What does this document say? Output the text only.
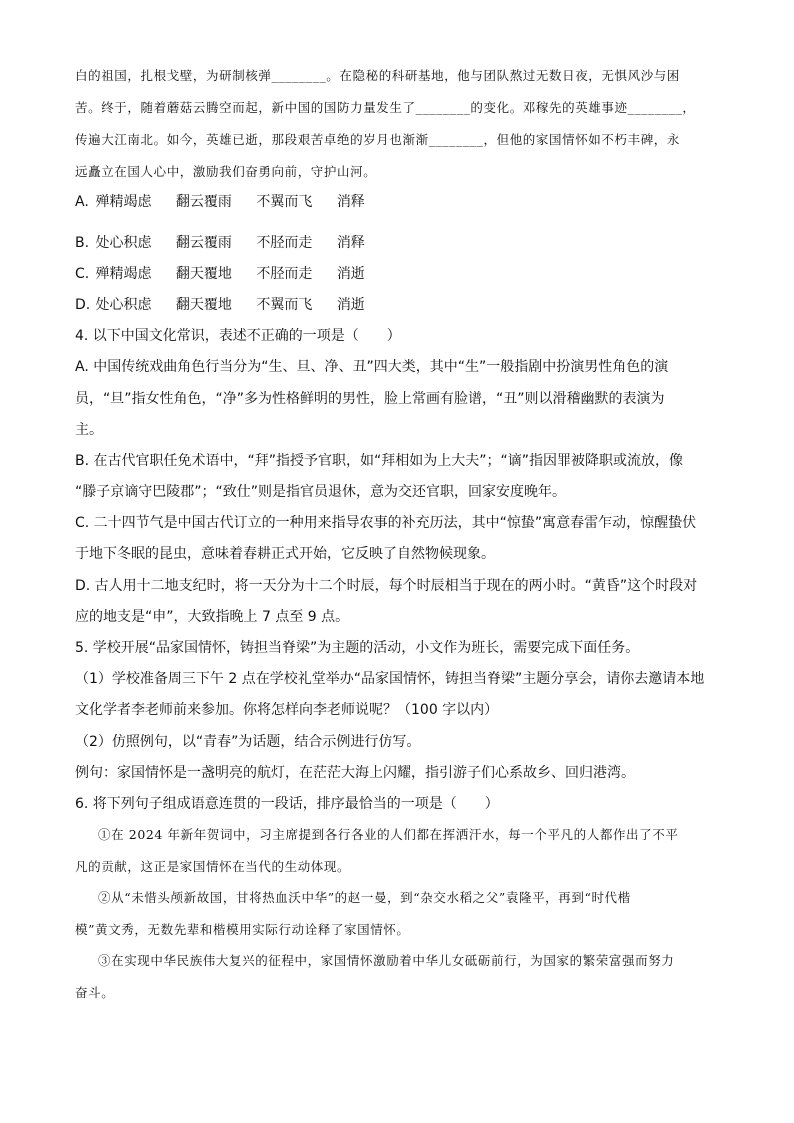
白的祖国，扎根戈壁，为研制核弹________。在隐秘的科研基地，他与团队熬过无数日夜，无惧风沙与困
苦。终于，随着蘑菇云腾空而起，新中国的国防力量发生了________的变化。邓稼先的英雄事迹________，
传遍大江南北。如今，英雄已逝，那段艰苦卓绝的岁月也渐渐________，但他的家国情怀如不朽丰碑，永
远矗立在国人心中，激励我们奋勇向前，守护山河。
A. 殚精竭虑 翻云覆雨 不翼而飞 消释
B. 处心积虑 翻云覆雨 不胫而走 消释
C. 殚精竭虑 翻天覆地 不胫而走 消逝
D. 处心积虑 翻天覆地 不翼而飞 消逝
4. 以下中国文化常识，表述不正确的一项是（　　）
A. 中国传统戏曲角色行当分为“生、旦、净、丑”四大类，其中“生”一般指剧中扮演男性角色的演
员，“旦”指女性角色，“净”多为性格鲜明的男性，脸上常画有脸谱，“丑”则以滑稽幽默的表演为
主。
B. 在古代官职任免术语中，“拜”指授予官职，如“拜相如为上大夫”；“谪”指因罪被降职或流放，像
“滕子京谪守巴陵郡”；“致仕”则是指官员退休，意为交还官职，回家安度晚年。
C. 二十四节气是中国古代订立的一种用来指导农事的补充历法，其中“惊蛰”寓意春雷乍动，惊醒蛰伏
于地下冬眠的昆虫，意味着春耕正式开始，它反映了自然物候现象。
D. 古人用十二地支纪时，将一天分为十二个时辰，每个时辰相当于现在的两小时。“黄昏”这个时段对
应的地支是“申”，大致指晚上 7 点至 9 点。
5. 学校开展“品家国情怀，铸担当脊梁”为主题的活动，小文作为班长，需要完成下面任务。
（1）学校准备周三下午 2 点在学校礼堂举办“品家国情怀，铸担当脊梁”主题分享会，请你去邀请本地
文化学者李老师前来参加。你将怎样向李老师说呢？（100 字以内）
（2）仿照例句，以“青春”为话题，结合示例进行仿写。
例句：家国情怀是一盏明亮的航灯，在茫茫大海上闪耀，指引游子们心系故乡、回归港湾。
6. 将下列句子组成语意连贯的一段话，排序最恰当的一项是（　　）
①在 2024 年新年贺词中，习主席提到各行各业的人们都在挥洒汗水，每一个平凡的人都作出了不平
凡的贡献，这正是家国情怀在当代的生动体现。
②从“未惜头颅新故国，甘将热血沃中华”的赵一曼，到“杂交水稻之父”袁隆平，再到“时代楷
模”黄文秀，无数先辈和楷模用实际行动诠释了家国情怀。
③在实现中华民族伟大复兴的征程中，家国情怀激励着中华儿女砥砺前行，为国家的繁荣富强而努力
奋斗。
